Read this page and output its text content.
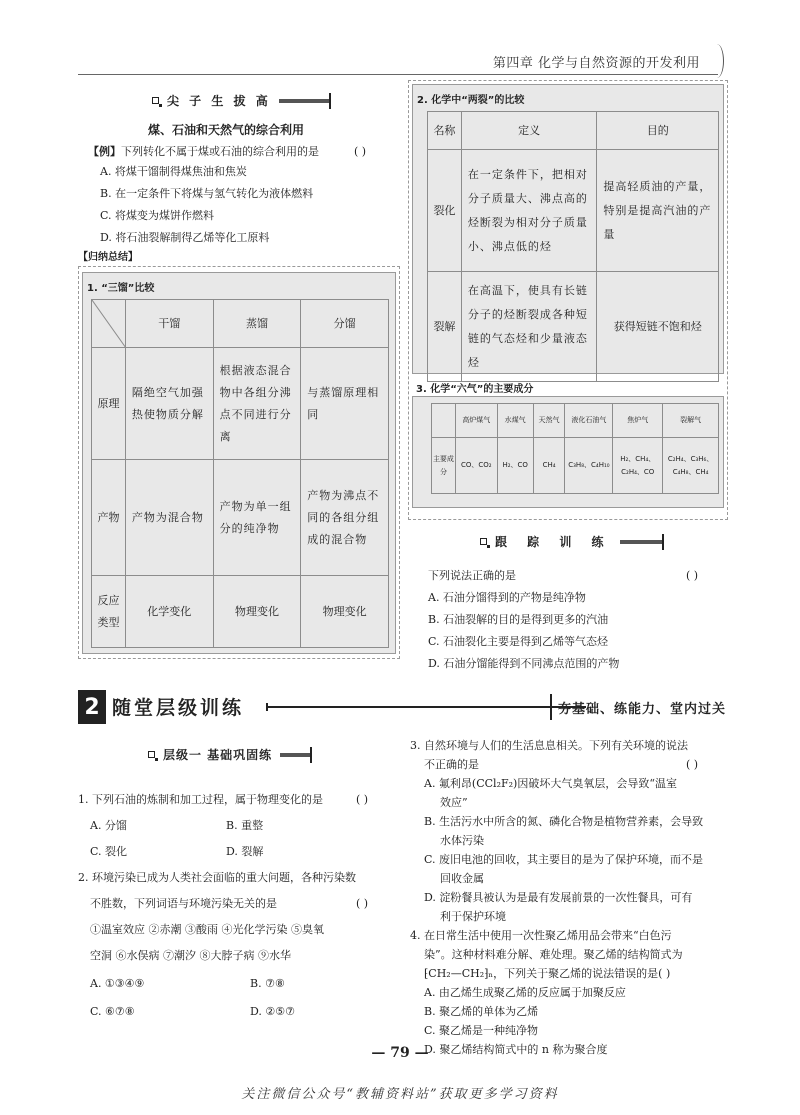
第四章 化学与自然资源的开发利用
尖 子 生 拔 高
煤、石油和天然气的综合利用
【例】下列转化不属于煤或石油的综合利用的是	( )
A. 将煤干馏制得煤焦油和焦炭
B. 在一定条件下将煤与氢气转化为液体燃料
C. 将煤变为煤饼作燃料
D. 将石油裂解制得乙烯等化工原料
【归纳总结】
1. “三馏”比较
	干馏	蒸馏	分馏
原理	隔绝空气加强热使物质分解	根据液态混合物中各组分沸点不同进行分离	与蒸馏原理相同
产物	产物为混合物	产物为单一组分的纯净物	产物为沸点不同的各组分组成的混合物
反应类型	化学变化	物理变化	物理变化
2. 化学中“两裂”的比较
名称	定义	目的
裂化	在一定条件下，把相对分子质量大、沸点高的烃断裂为相对分子质量小、沸点低的烃	提高轻质油的产量，特别是提高汽油的产量
裂解	在高温下，使具有长链分子的烃断裂成各种短链的气态烃和少量液态烃	获得短链不饱和烃
3. 化学“六气”的主要成分
	高炉煤气	水煤气	天然气	液化石油气	焦炉气	裂解气
主要成分	CO、CO₂	H₂、CO	CH₄	C₃H₈、C₄H₁₀	H₂、CH₄、C₂H₄、CO	C₂H₄、C₃H₆、C₄H₈、CH₄
跟 踪 训 练
下列说法正确的是	( )
A. 石油分馏得到的产物是纯净物
B. 石油裂解的目的是得到更多的汽油
C. 石油裂化主要是得到乙烯等气态烃
D. 石油分馏能得到不同沸点范围的产物
2 随堂层级训练	夯基础、练能力、堂内过关
层级一 基础巩固练
1. 下列石油的炼制和加工过程，属于物理变化的是	( )
A. 分馏	B. 重整
C. 裂化	D. 裂解
2. 环境污染已成为人类社会面临的重大问题，各种污染数
不胜数，下列词语与环境污染无关的是	( )
①温室效应 ②赤潮 ③酸雨 ④光化学污染 ⑤臭氧
空洞 ⑥水俣病 ⑦潮汐 ⑧大脖子病 ⑨水华
A. ①③④⑨	B. ⑦⑧
C. ⑥⑦⑧	D. ②⑤⑦
3. 自然环境与人们的生活息息相关。下列有关环境的说法
不正确的是	( )
A. 氟利昂(CCl₂F₂)因破坏大气臭氧层，会导致“温室
效应”
B. 生活污水中所含的氮、磷化合物是植物营养素，会导致
水体污染
C. 废旧电池的回收，其主要目的是为了保护环境，而不是
回收金属
D. 淀粉餐具被认为是最有发展前景的一次性餐具，可有
利于保护环境
4. 在日常生活中使用一次性聚乙烯用品会带来“白色污
染”。这种材料难分解、难处理。聚乙烯的结构简式为
⁅CH₂—CH₂⁆ₙ，下列关于聚乙烯的说法错误的是( )
A. 由乙烯生成聚乙烯的反应属于加聚反应
B. 聚乙烯的单体为乙烯
C. 聚乙烯是一种纯净物
D. 聚乙烯结构简式中的 n 称为聚合度
— 79 —
关注微信公众号“教辅资料站”获取更多学习资料
